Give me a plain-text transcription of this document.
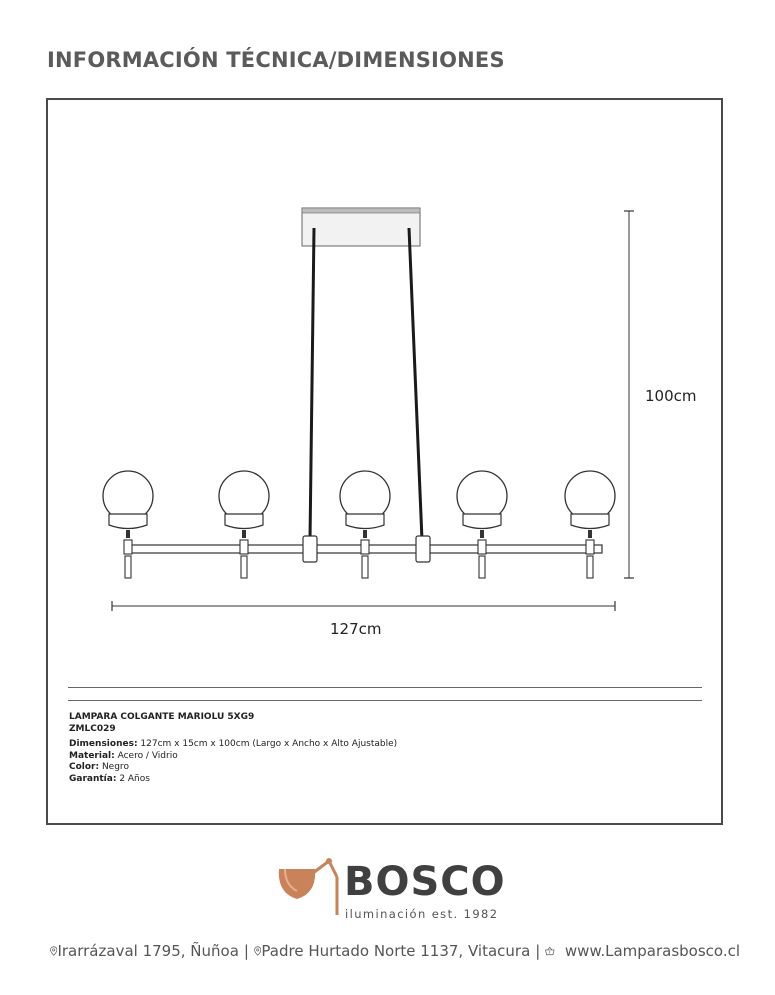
INFORMACIÓN TÉCNICA/DIMENSIONES
100cm
127cm
LAMPARA COLGANTE MARIOLU 5XG9
ZMLC029
Dimensiones: 127cm x 15cm x 100cm (Largo x Ancho x Alto Ajustable)
Material: Acero / Vidrio
Color: Negro
Garantía: 2 Años
BOSCO
iluminación est. 1982
Irarrázaval 1795, Ñuñoa | Padre Hurtado Norte 1137, Vitacura | www.Lamparasbosco.cl
